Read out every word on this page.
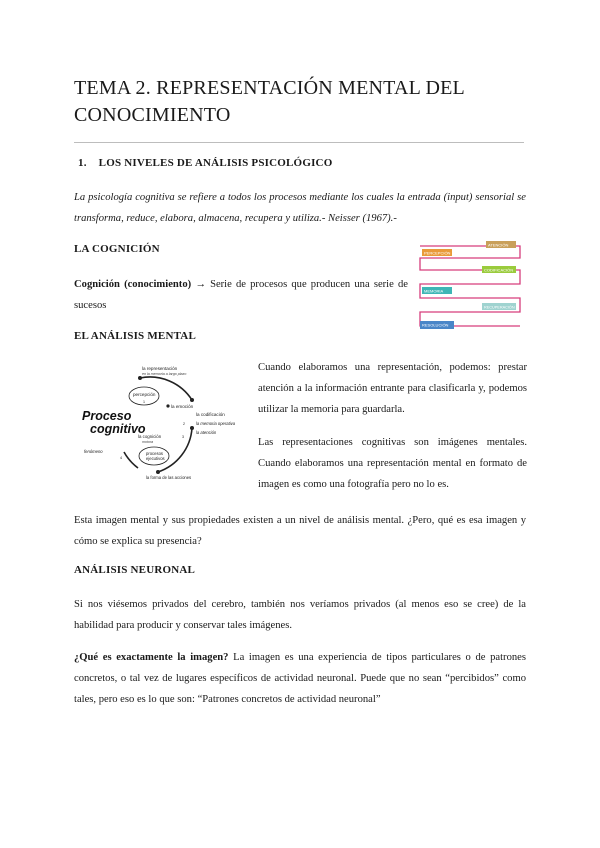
TEMA 2. REPRESENTACIÓN MENTAL DEL CONOCIMIENTO
1. LOS NIVELES DE ANÁLISIS PSICOLÓGICO

La psicología cognitiva se refiere a todos los procesos mediante los cuales la entrada (input) sensorial se transforma, reduce, elabora, almacena, recupera y utiliza.- Neisser (1967).-

LA COGNICIÓN

Cognición (conocimiento) → Serie de procesos que producen una serie de sucesos

PERCEPCIÓN
ATENCIÓN
CODIFICACIÓN
MEMORIA
RECUPERACIÓN
RESOLUCIÓN
EL ANÁLISIS MENTAL
la representación
en la memoria a largo plazo
percepción
1
la emoción
la codificación
la memoria operativa
la atención
2
3
la cognición
motora
procesos
ejecutivos
la forma de las acciones
fenómeno
4
Proceso
cognitivo

Cuando elaboramos una representación, podemos: prestar atención a la información entrante para clasificarla y, podemos utilizar la memoria para guardarla.

Las representaciones cognitivas son imágenes mentales. Cuando elaboramos una representación mental en formato de imagen es como una fotografía pero no lo es.

Esta imagen mental y sus propiedades existen a un nivel de análisis mental. ¿Pero, qué es esa imagen y cómo se explica su presencia?

ANÁLISIS NEURONAL

Si nos viésemos privados del cerebro, también nos veríamos privados (al menos eso se cree) de la habilidad para producir y conservar tales imágenes.

¿Qué es exactamente la imagen? La imagen es una experiencia de tipos particulares o de patrones concretos, o tal vez de lugares específicos de actividad neuronal. Puede que no sean “percibidos” como tales, pero eso es lo que son: “Patrones concretos de actividad neuronal”
